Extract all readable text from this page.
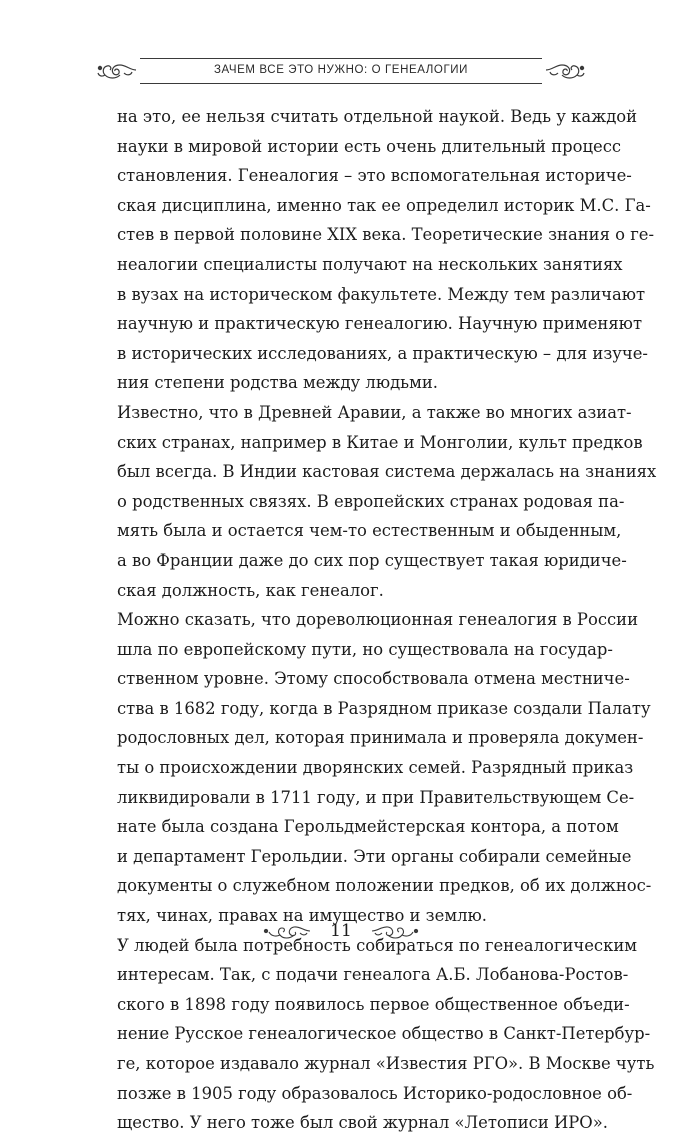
ЗАЧЕМ ВСЕ ЭТО НУЖНО: О ГЕНЕАЛОГИИ
на это, ее нельзя считать отдельной наукой. Ведь у каждой
науки в мировой истории есть очень длительный процесс
становления. Генеалогия – это вспомогательная историче-
ская дисциплина, именно так ее определил историк М.С. Га-
стев в первой половине XIX века. Теоретические знания о ге-
неалогии специалисты получают на нескольких занятиях
в вузах на историческом факультете. Между тем различают
научную и практическую генеалогию. Научную применяют
в исторических исследованиях, а практическую – для изуче-
ния степени родства между людьми.
Известно, что в Древней Аравии, а также во многих азиат-
ских странах, например в Китае и Монголии, культ предков
был всегда. В Индии кастовая система держалась на знаниях
о родственных связях. В европейских странах родовая па-
мять была и остается чем-то естественным и обыденным,
а во Франции даже до сих пор существует такая юридиче-
ская должность, как генеалог.
Можно сказать, что дореволюционная генеалогия в России
шла по европейскому пути, но существовала на государ-
ственном уровне. Этому способствовала отмена местниче-
ства в 1682 году, когда в Разрядном приказе создали Палату
родословных дел, которая принимала и проверяла докумен-
ты о происхождении дворянских семей. Разрядный приказ
ликвидировали в 1711 году, и при Правительствующем Се-
нате была создана Герольдмейстерская контора, а потом
и департамент Герольдии. Эти органы собирали семейные
документы о служебном положении предков, об их должнос-
тях, чинах, правах на имущество и землю.
У людей была потребность собираться по генеалогическим
интересам. Так, с подачи генеалога А.Б. Лобанова-Ростов-
ского в 1898 году появилось первое общественное объеди-
нение Русское генеалогическое общество в Санкт-Петербур-
ге, которое издавало журнал «Известия РГО». В Москве чуть
позже в 1905 году образовалось Историко-родословное об-
щество. У него тоже был свой журнал «Летописи ИРО».
11
